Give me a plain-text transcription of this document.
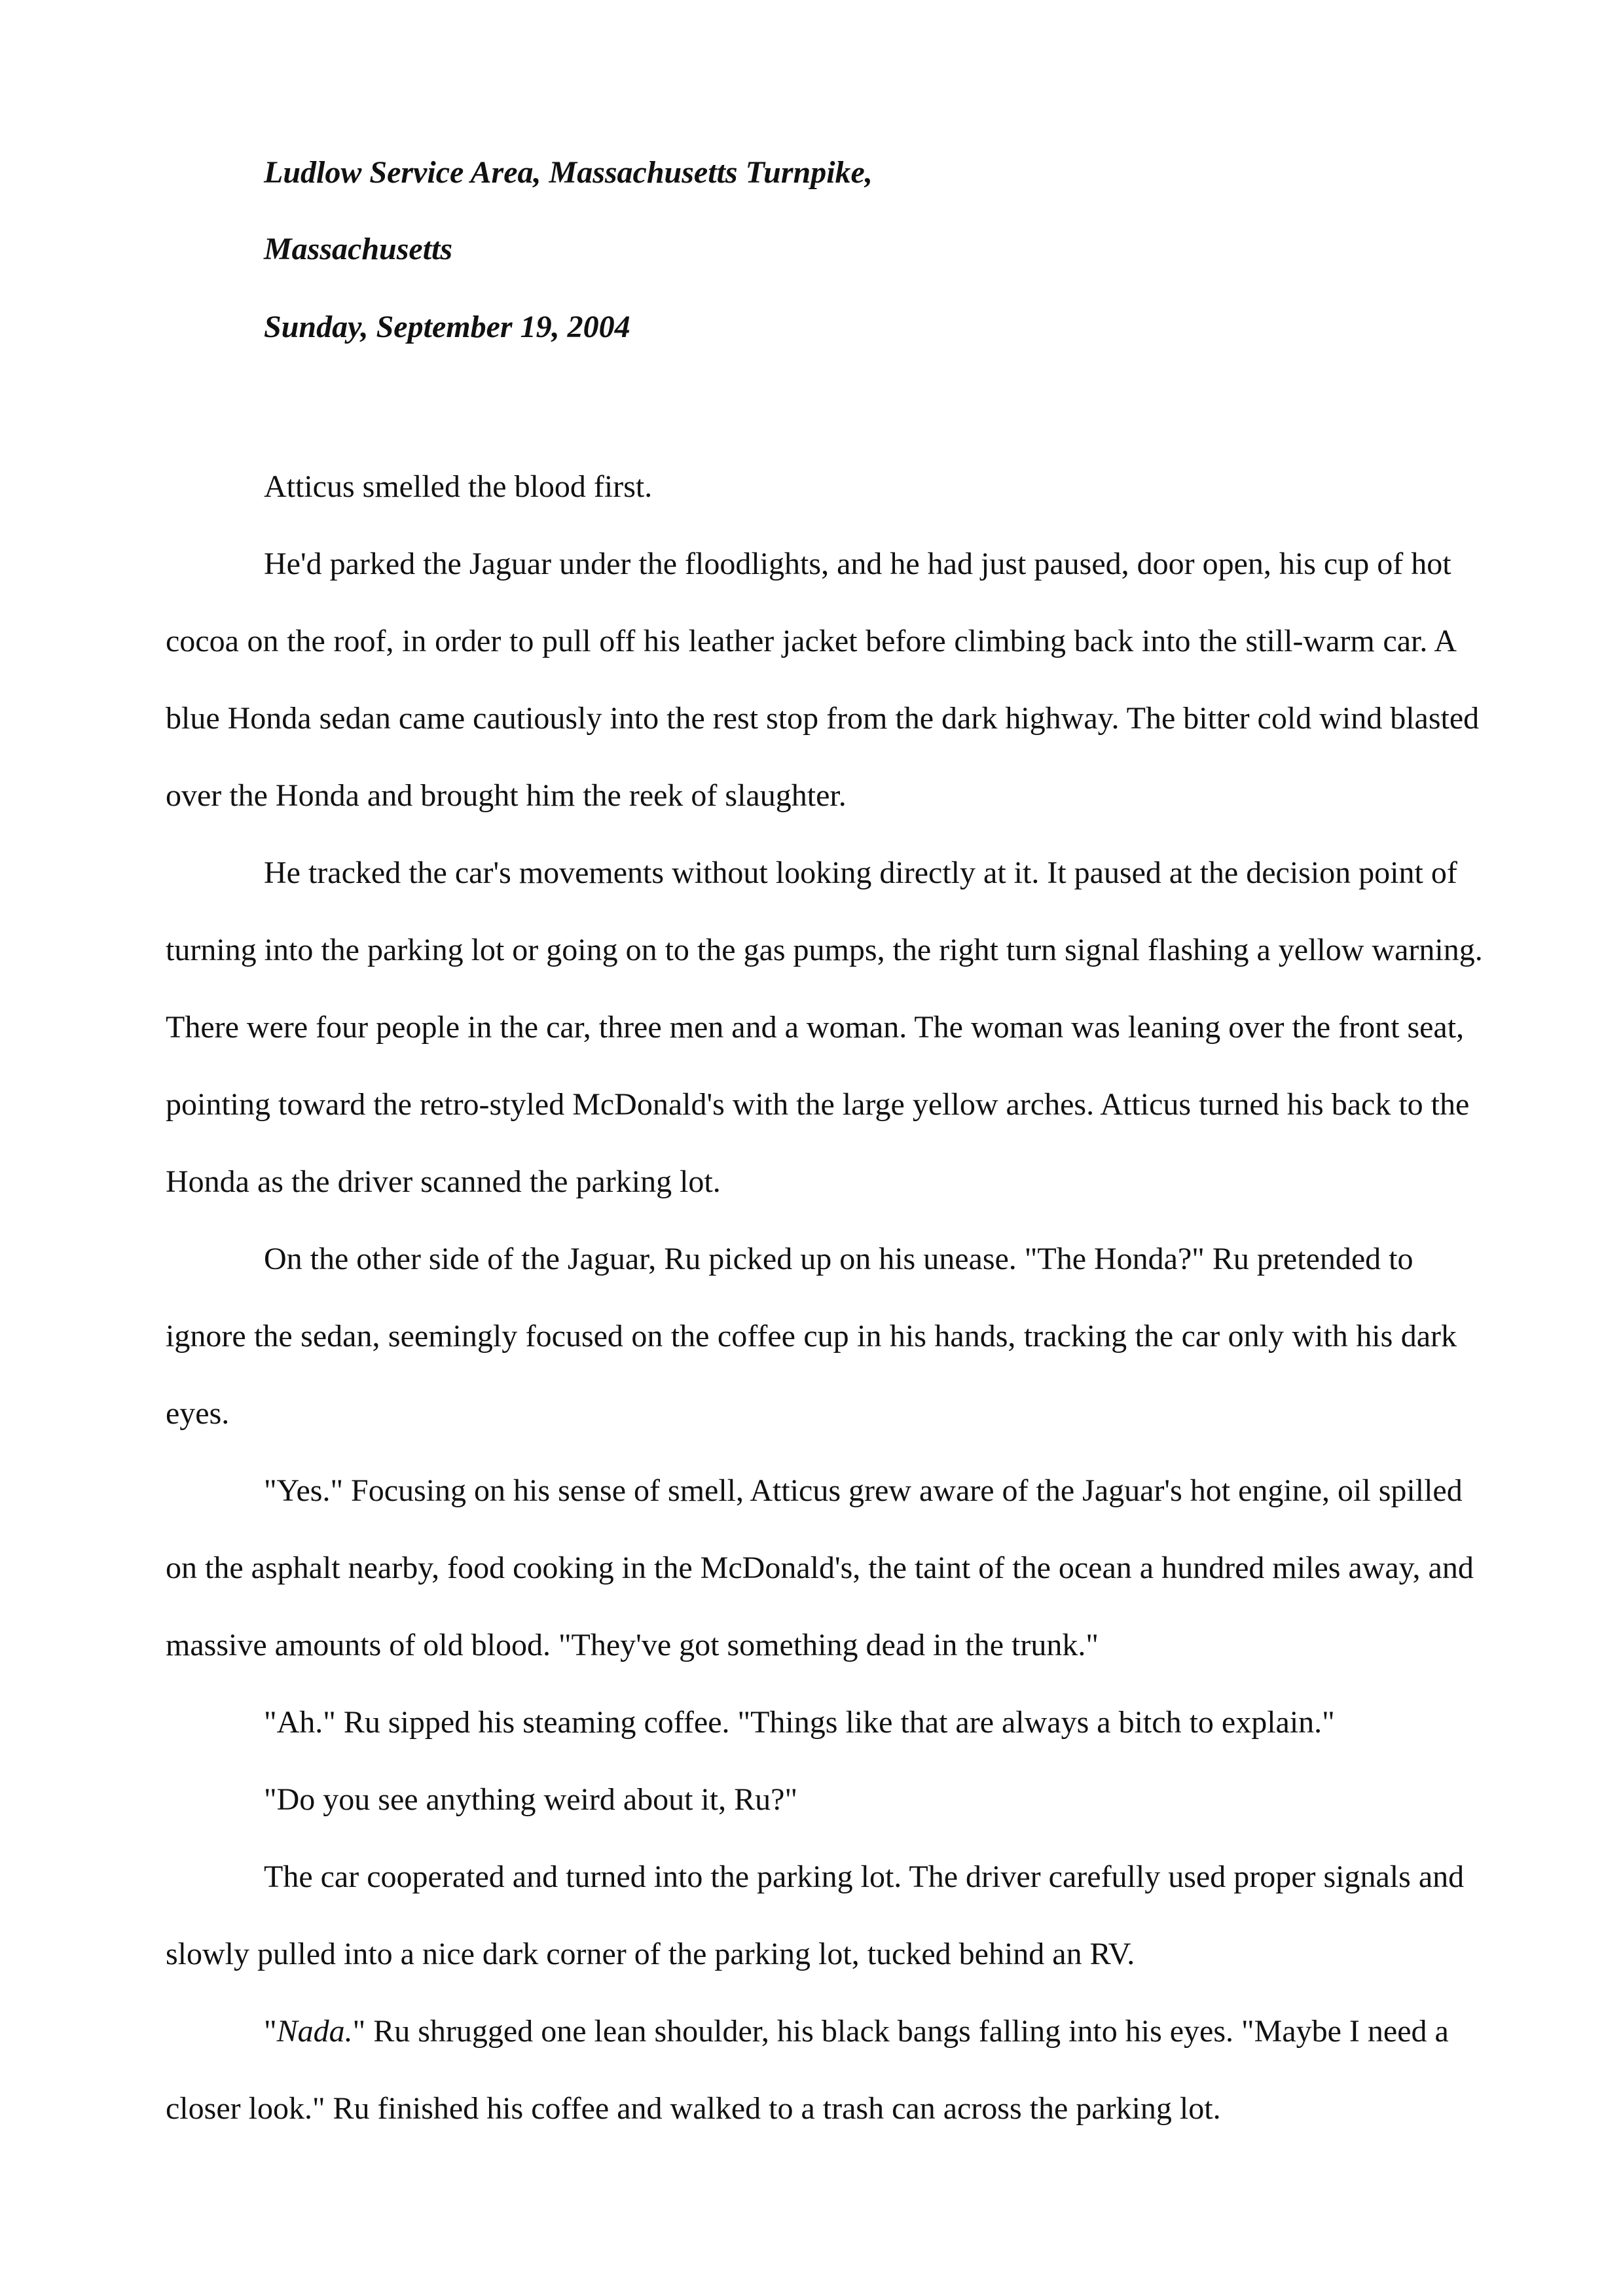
Ludlow Service Area, Massachusetts Turnpike,
Massachusetts
Sunday, September 19, 2004
Atticus smelled the blood first.
He'd parked the Jaguar under the floodlights, and he had just paused, door open, his cup of hot
cocoa on the roof, in order to pull off his leather jacket before climbing back into the still-warm car. A
blue Honda sedan came cautiously into the rest stop from the dark highway. The bitter cold wind blasted
over the Honda and brought him the reek of slaughter.
He tracked the car's movements without looking directly at it. It paused at the decision point of
turning into the parking lot or going on to the gas pumps, the right turn signal flashing a yellow warning.
There were four people in the car, three men and a woman. The woman was leaning over the front seat,
pointing toward the retro-styled McDonald's with the large yellow arches. Atticus turned his back to the
Honda as the driver scanned the parking lot.
On the other side of the Jaguar, Ru picked up on his unease. "The Honda?" Ru pretended to
ignore the sedan, seemingly focused on the coffee cup in his hands, tracking the car only with his dark
eyes.
"Yes." Focusing on his sense of smell, Atticus grew aware of the Jaguar's hot engine, oil spilled
on the asphalt nearby, food cooking in the McDonald's, the taint of the ocean a hundred miles away, and
massive amounts of old blood. "They've got something dead in the trunk."
"Ah." Ru sipped his steaming coffee. "Things like that are always a bitch to explain."
"Do you see anything weird about it, Ru?"
The car cooperated and turned into the parking lot. The driver carefully used proper signals and
slowly pulled into a nice dark corner of the parking lot, tucked behind an RV.
"Nada." Ru shrugged one lean shoulder, his black bangs falling into his eyes. "Maybe I need a
closer look." Ru finished his coffee and walked to a trash can across the parking lot.
